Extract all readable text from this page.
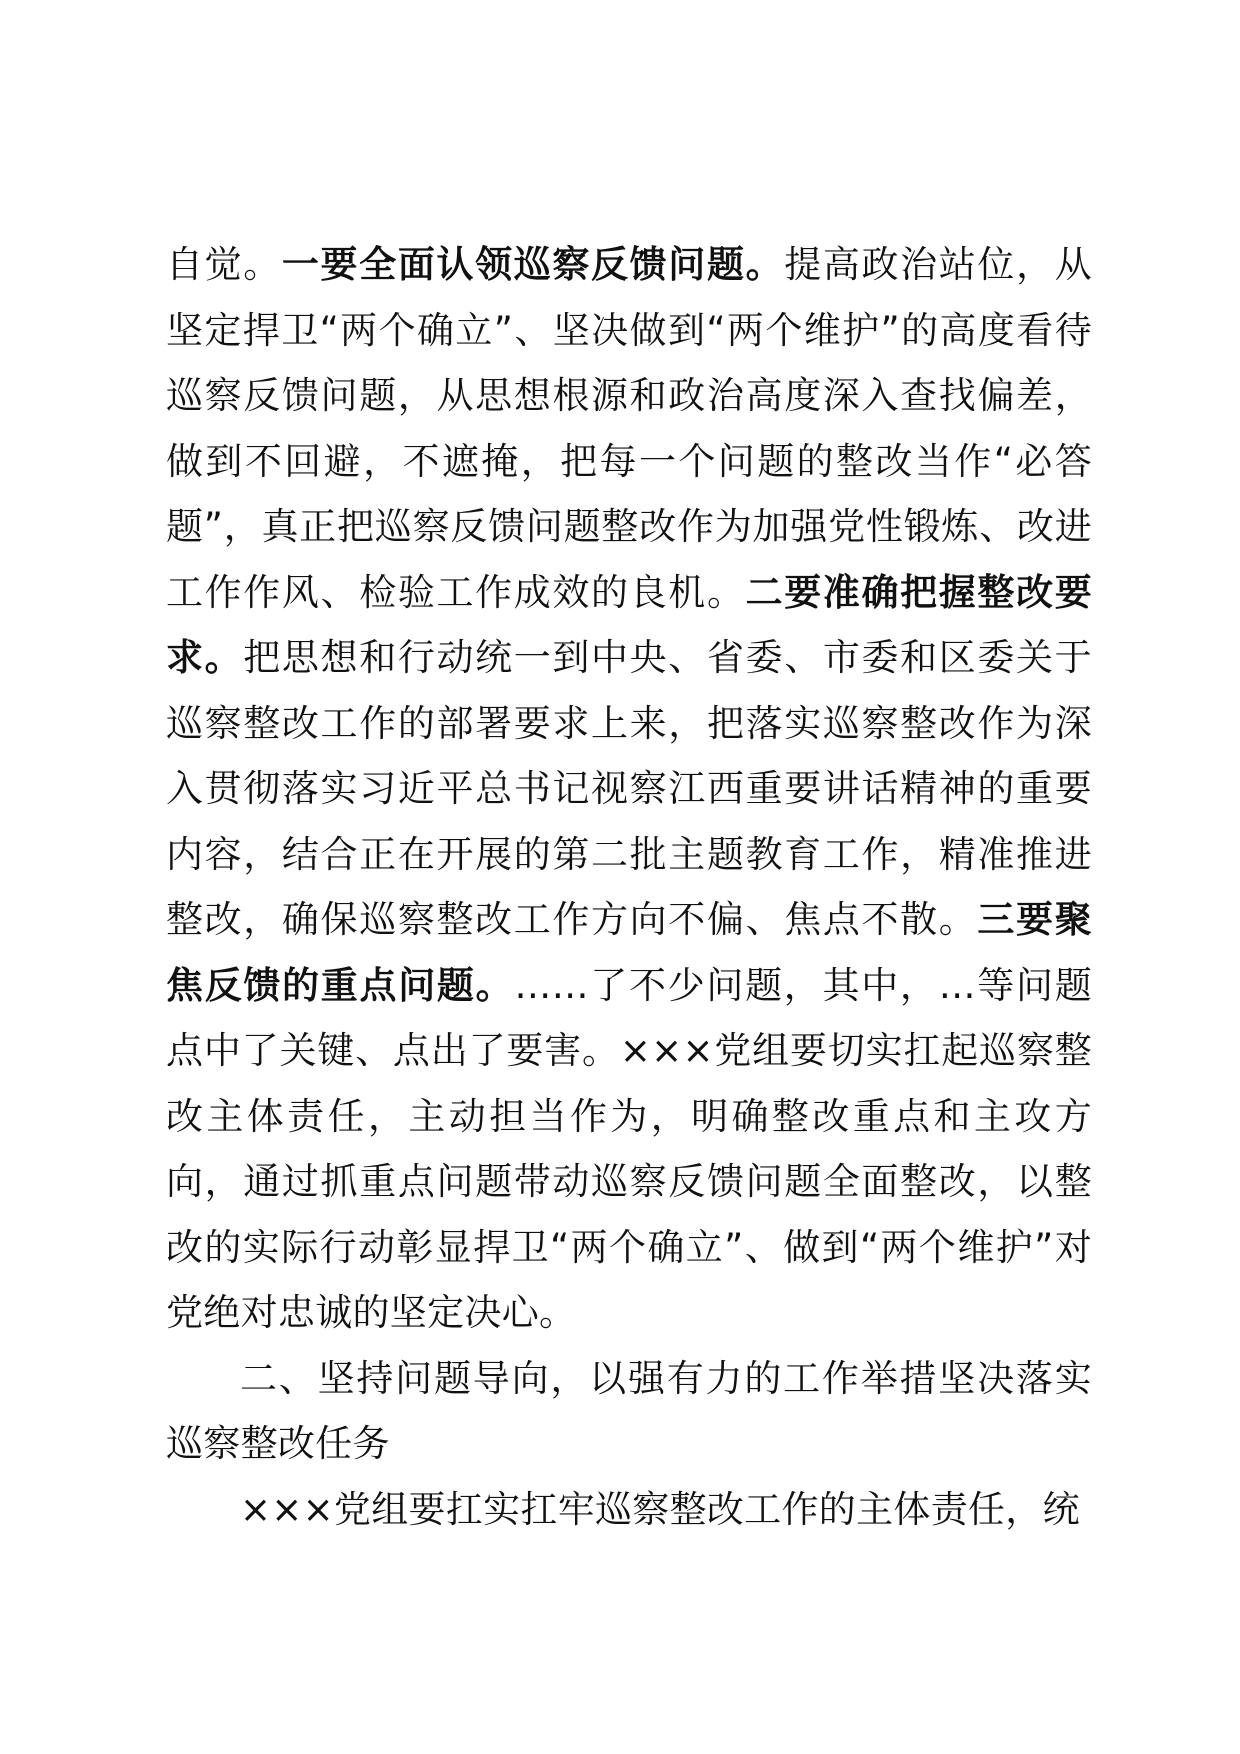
自觉。一要全面认领巡察反馈问题。提高政治站位，从坚定捍卫“两个确立”、坚决做到“两个维护”的高度看待巡察反馈问题，从思想根源和政治高度深入查找偏差，做到不回避，不遮掩，把每一个问题的整改当作“必答题”，真正把巡察反馈问题整改作为加强党性锻炼、改进工作作风、检验工作成效的良机。二要准确把握整改要求。把思想和行动统一到中央、省委、市委和区委关于巡察整改工作的部署要求上来，把落实巡察整改作为深入贯彻落实习近平总书记视察江西重要讲话精神的重要内容，结合正在开展的第二批主题教育工作，精准推进整改，确保巡察整改工作方向不偏、焦点不散。三要聚焦反馈的重点问题。……了不少问题，其中，…等问题点中了关键、点出了要害。×××党组要切实扛起巡察整改主体责任，主动担当作为，明确整改重点和主攻方向，通过抓重点问题带动巡察反馈问题全面整改，以整改的实际行动彰显捍卫“两个确立”、做到“两个维护”对党绝对忠诚的坚定决心。

二、坚持问题导向，以强有力的工作举措坚决落实巡察整改任务

×××党组要扛实扛牢巡察整改工作的主体责任，统
